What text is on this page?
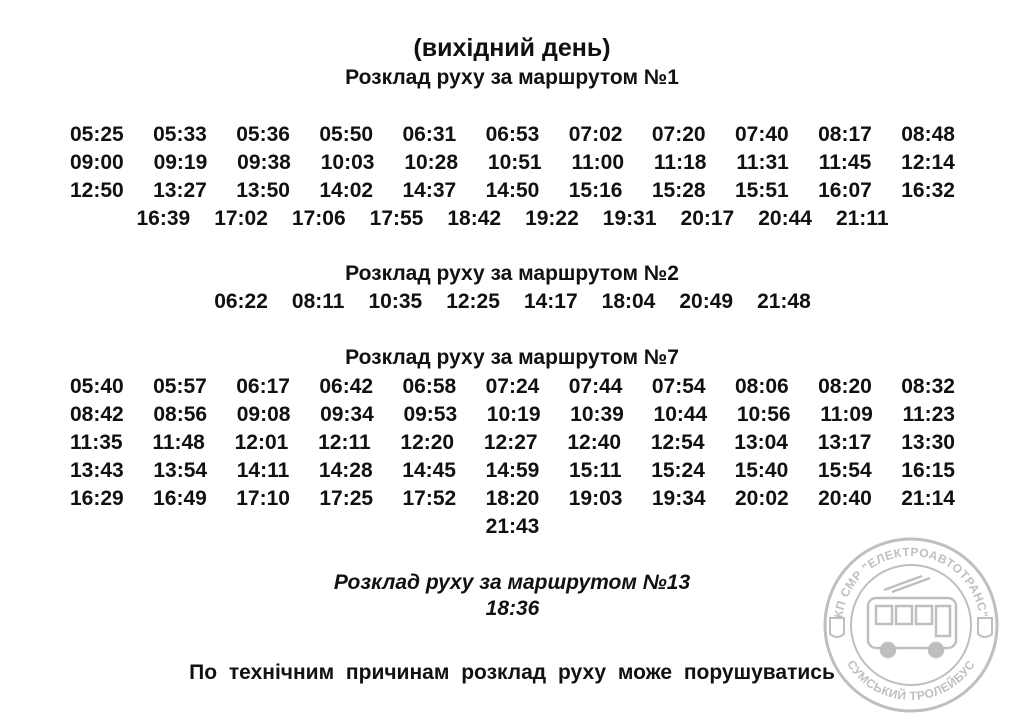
(вихідний день)
Розклад руху за маршрутом №1
05:25 05:33 05:36 05:50 06:31 06:53 07:02 07:20 07:40 08:17 08:48
09:00 09:19 09:38 10:03 10:28 10:51 11:00 11:18 11:31 11:45 12:14
12:50 13:27 13:50 14:02 14:37 14:50 15:16 15:28 15:51 16:07 16:32
16:39 17:02 17:06 17:55 18:42 19:22 19:31 20:17 20:44 21:11
Розклад руху за маршрутом №2
06:22 08:11 10:35 12:25 14:17 18:04 20:49 21:48
Розклад руху за маршрутом №7
05:40 05:57 06:17 06:42 06:58 07:24 07:44 07:54 08:06 08:20 08:32
08:42 08:56 09:08 09:34 09:53 10:19 10:39 10:44 10:56 11:09 11:23
11:35 11:48 12:01 12:11 12:20 12:27 12:40 12:54 13:04 13:17 13:30
13:43 13:54 14:11 14:28 14:45 14:59 15:11 15:24 15:40 15:54 16:15
16:29 16:49 17:10 17:25 17:52 18:20 19:03 19:34 20:02 20:40 21:14
21:43
Розклад руху за маршрутом №13
18:36
По технічним причинам розклад руху може порушуватись
КП СМР "ЕЛЕКТРОАВТОТРАНС"
СУМСЬКИЙ ТРОЛЕЙБУС
